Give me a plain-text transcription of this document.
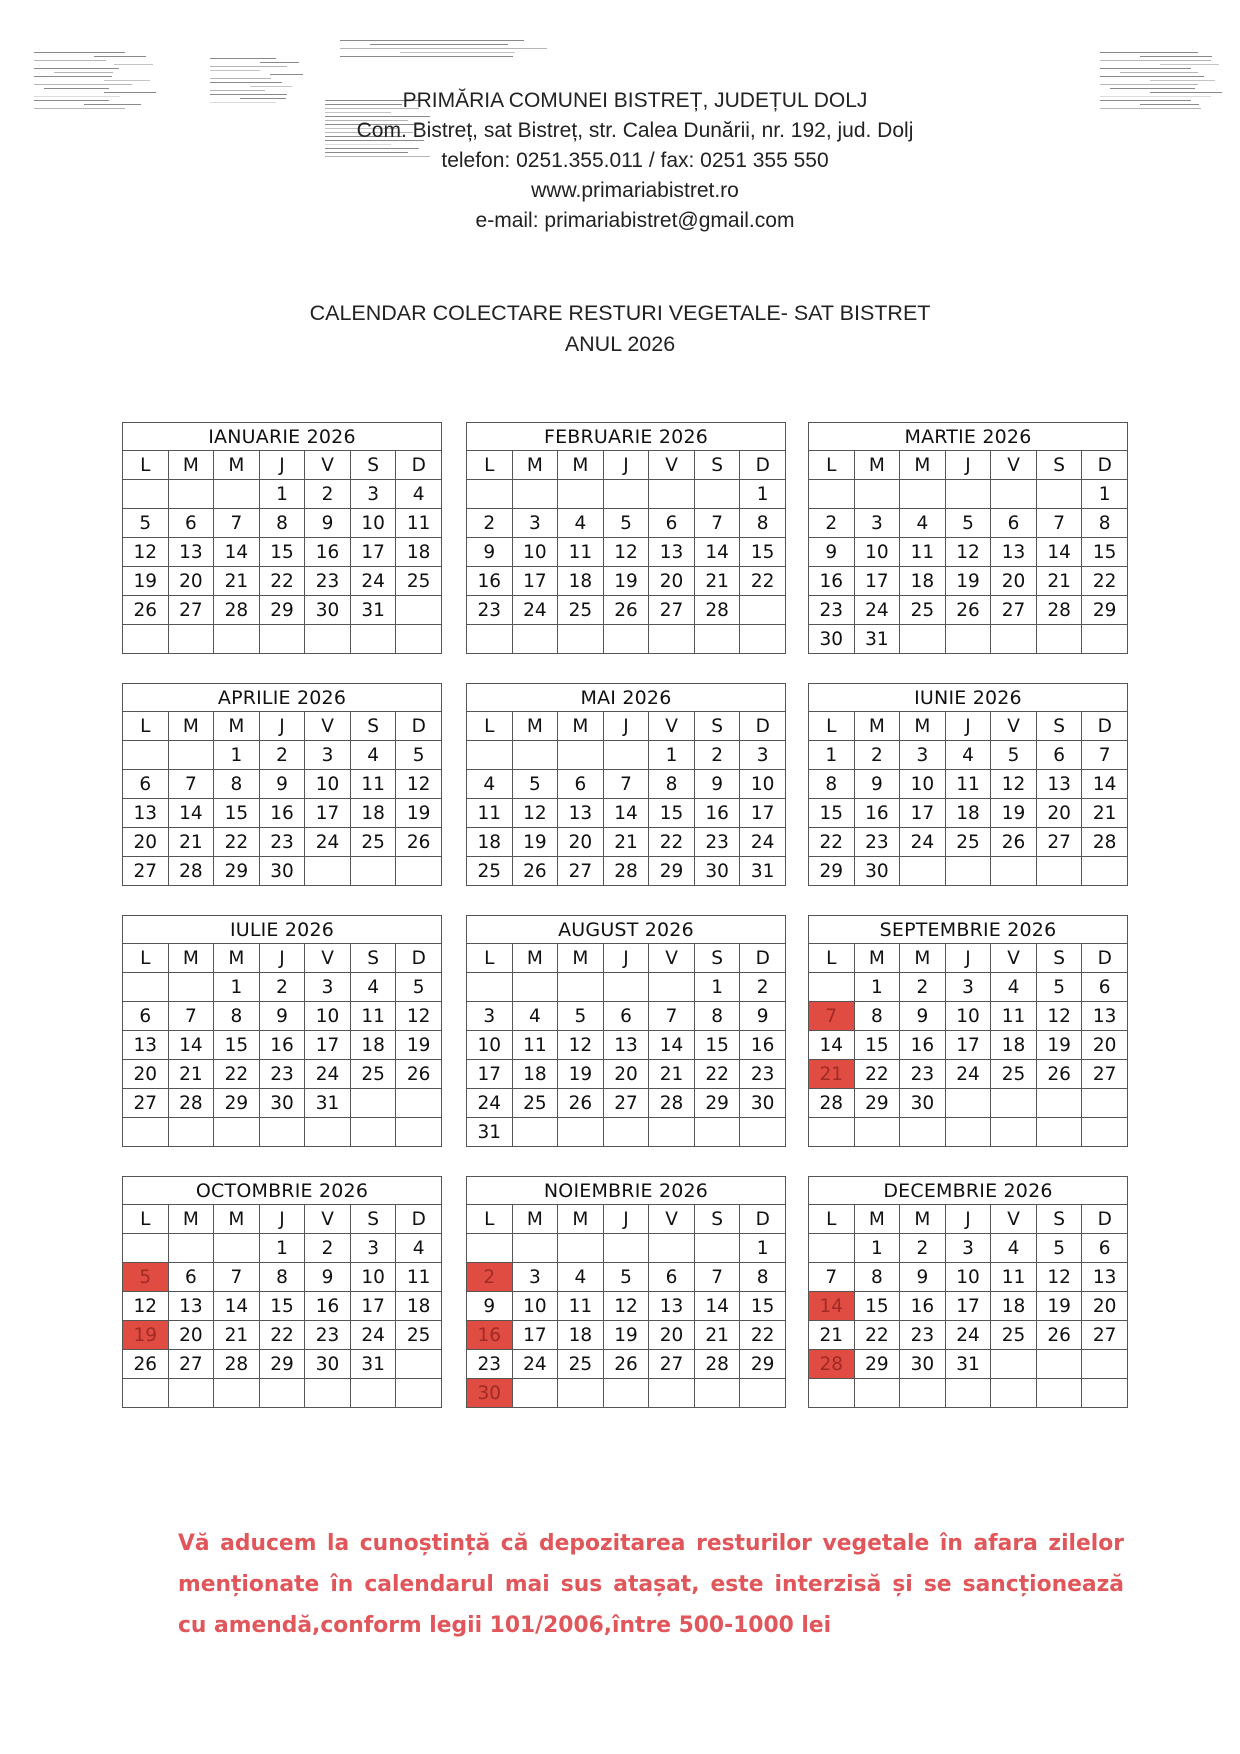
PRIMĂRIA COMUNEI BISTREȚ, JUDEȚUL DOLJ
Com. Bistreț, sat Bistreț, str. Calea Dunării, nr. 192, jud. Dolj
telefon: 0251.355.011 / fax: 0251 355 550
www.primariabistret.ro
e-mail: primariabistret@gmail.com
CALENDAR COLECTARE RESTURI VEGETALE- SAT BISTRET
ANUL 2026
IANUARIE 2026						
L	M	M	J	V	S	D
			1	2	3	4
5	6	7	8	9	10	11
12	13	14	15	16	17	18
19	20	21	22	23	24	25
26	27	28	29	30	31	

FEBRUARIE 2026						
L	M	M	J	V	S	D
						1
2	3	4	5	6	7	8
9	10	11	12	13	14	15
16	17	18	19	20	21	22
23	24	25	26	27	28	

MARTIE 2026						
L	M	M	J	V	S	D
						1
2	3	4	5	6	7	8
9	10	11	12	13	14	15
16	17	18	19	20	21	22
23	24	25	26	27	28	29
30	31					
APRILIE 2026						
L	M	M	J	V	S	D
		1	2	3	4	5
6	7	8	9	10	11	12
13	14	15	16	17	18	19
20	21	22	23	24	25	26
27	28	29	30			
MAI 2026						
L	M	M	J	V	S	D
				1	2	3
4	5	6	7	8	9	10
11	12	13	14	15	16	17
18	19	20	21	22	23	24
25	26	27	28	29	30	31
IUNIE 2026						
L	M	M	J	V	S	D
1	2	3	4	5	6	7
8	9	10	11	12	13	14
15	16	17	18	19	20	21
22	23	24	25	26	27	28
29	30					
IULIE 2026						
L	M	M	J	V	S	D
		1	2	3	4	5
6	7	8	9	10	11	12
13	14	15	16	17	18	19
20	21	22	23	24	25	26
27	28	29	30	31		

AUGUST 2026						
L	M	M	J	V	S	D
					1	2
3	4	5	6	7	8	9
10	11	12	13	14	15	16
17	18	19	20	21	22	23
24	25	26	27	28	29	30
31						
SEPTEMBRIE 2026						
L	M	M	J	V	S	D
	1	2	3	4	5	6
7	8	9	10	11	12	13
14	15	16	17	18	19	20
21	22	23	24	25	26	27
28	29	30				

OCTOMBRIE 2026						
L	M	M	J	V	S	D
			1	2	3	4
5	6	7	8	9	10	11
12	13	14	15	16	17	18
19	20	21	22	23	24	25
26	27	28	29	30	31	

NOIEMBRIE 2026						
L	M	M	J	V	S	D
						1
2	3	4	5	6	7	8
9	10	11	12	13	14	15
16	17	18	19	20	21	22
23	24	25	26	27	28	29
30						
DECEMBRIE 2026						
L	M	M	J	V	S	D
	1	2	3	4	5	6
7	8	9	10	11	12	13
14	15	16	17	18	19	20
21	22	23	24	25	26	27
28	29	30	31			

Vă aducem la cunoștință că depozitarea resturilor vegetale în afara zilelor menționate în calendarul mai sus atașat, este interzisă și se sancționează cu amendă,conform legii 101/2006,între 500-1000 lei
